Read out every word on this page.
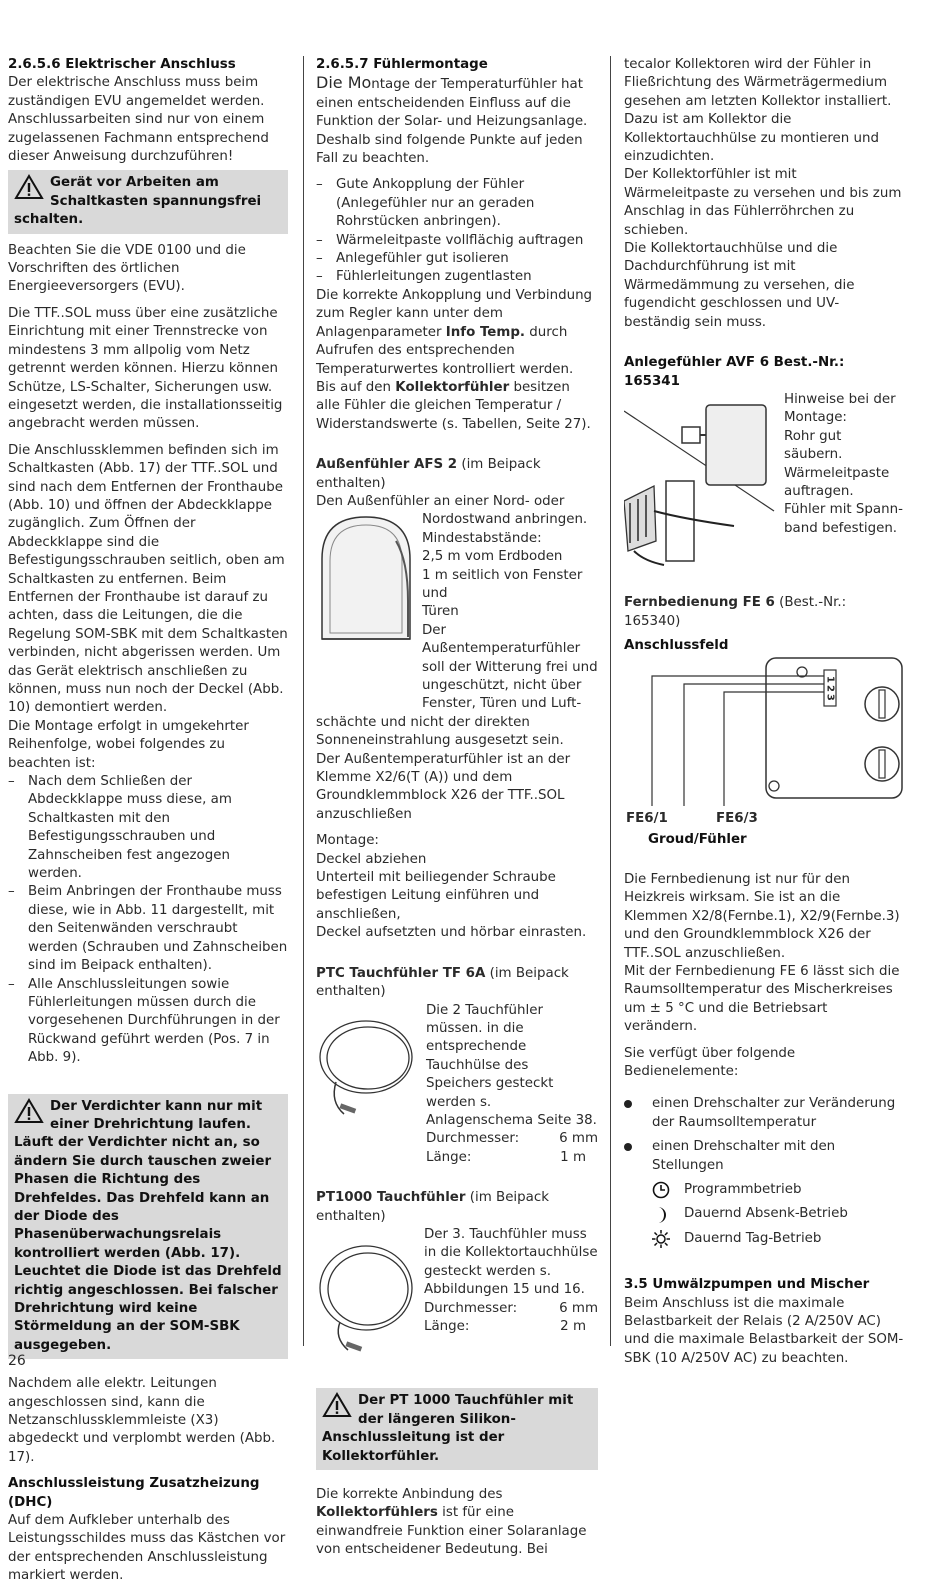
2.6.5.6 Elektrischer Anschluss

Der elektrische Anschluss muss beim zuständigen EVU angemeldet werden. Anschlussarbeiten sind nur von einem zugelassenen Fachmann entsprechend dieser Anweisung durchzuführen!

Gerät vor Arbeiten am Schaltkasten spannungsfrei schalten.

Beachten Sie die VDE 0100 und die Vorschriften des örtlichen Energieeversorgers (EVU).

Die TTF..SOL muss über eine zusätzliche Einrichtung mit einer Trennstrecke von mindestens 3 mm allpolig vom Netz getrennt werden können. Hierzu können Schütze, LS-Schalter, Sicherungen usw. eingesetzt werden, die installationsseitig angebracht werden müssen.

Die Anschlussklemmen befinden sich im Schaltkasten (Abb. 17) der TTF..SOL und sind nach dem Entfernen der Fronthaube (Abb. 10) und öffnen der Abdeckklappe zugänglich. Zum Öffnen der Abdeckklappe sind die Befestigungsschrauben seitlich, oben am Schaltkasten zu entfernen. Beim Entfernen der Fronthaube ist darauf zu achten, dass die Leitungen, die die Regelung SOM-SBK mit dem Schaltkasten verbinden, nicht abgerissen werden. Um das Gerät elektrisch anschließen zu können, muss nun noch der Deckel (Abb. 10) demontiert werden.

Die Montage erfolgt in umgekehrter Reihenfolge, wobei folgendes zu beachten ist:

– Nach dem Schließen der Abdeckklappe muss diese, am Schaltkasten mit den Befestigungsschrauben und Zahnscheiben fest angezogen werden.

– Beim Anbringen der Fronthaube muss diese, wie in Abb. 11 dargestellt, mit den Seitenwänden verschraubt werden (Schrauben und Zahnscheiben sind im Beipack enthalten).

– Alle Anschlussleitungen sowie Fühlerleitungen müssen durch die vorgesehenen Durchführungen in der Rückwand geführt werden (Pos. 7 in Abb. 9).

Der Verdichter kann nur mit einer Drehrichtung laufen. Läuft der Verdichter nicht an, so ändern Sie durch tauschen zweier Phasen die Richtung des Drehfeldes. Das Drehfeld kann an der Diode des Phasenüberwachungsrelais kontrolliert werden (Abb. 17). Leuchtet die Diode ist das Drehfeld richtig angeschlossen. Bei falscher Drehrichtung wird keine Störmeldung an der SOM-SBK ausgegeben.

Nachdem alle elektr. Leitungen angeschlossen sind, kann die Netzanschlussklemmleiste (X3) abgedeckt und verplombt werden (Abb. 17).

Anschlussleistung Zusatzheizung (DHC)

Auf dem Aufkleber unterhalb des Leistungsschildes muss das Kästchen vor der entsprechenden Anschlussleistung markiert werden.

2.6.5.7 Fühlermontage

Die Montage der Temperaturfühler hat einen entscheidenden Einfluss auf die Funktion der Solar- und Heizungsanlage. Deshalb sind folgende Punkte auf jeden Fall zu beachten.

– Gute Ankopplung der Fühler (Anlegefühler nur an geraden Rohrstücken anbringen).

– Wärmeleitpaste vollflächig auftragen

– Anlegefühler gut isolieren

– Fühlerleitungen zugentlasten

Die korrekte Ankopplung und Verbindung zum Regler kann unter dem Anlagenparameter Info Temp. durch Aufrufen des entsprechenden Temperaturwertes kontrolliert werden.

Bis auf den Kollektorfühler besitzen alle Fühler die gleichen Temperatur / Widerstandswerte (s. Tabellen, Seite 27).

Außenfühler AFS 2 (im Beipack enthalten)

Den Außenfühler an einer Nord- oder

Nordostwand anbringen.

Mindestabstände:

2,5 m vom Erdboden

1 m seitlich von Fenster und

Türen

Der Außentemperaturfühler

soll der Witterung frei und

ungeschützt, nicht über

Fenster, Türen und Luft-

schächte und nicht der direkten Sonneneinstrahlung ausgesetzt sein.

Der Außentemperaturfühler ist an der Klemme X2/6(T (A)) und dem Groundklemmblock X26 der TTF..SOL anzuschließen

Montage:

Deckel abziehen

Unterteil mit beiliegender Schraube befestigen Leitung einführen und anschließen,

Deckel aufsetzten und hörbar einrasten.

PTC Tauchfühler TF 6A (im Beipack enthalten)

Die 2 Tauchfühler müssen. in die entsprechende Tauchhülse des Speichers gesteckt werden s. Anlagenschema Seite 38.

Durchmesser:	6 mm
Länge:	1 m

PT1000 Tauchfühler (im Beipack enthalten)

Der 3. Tauchfühler muss in die Kollektortauchhülse gesteckt werden s. Abbildungen 15 und 16.

Durchmesser:	6 mm
Länge:	2 m
Der PT 1000 Tauchfühler mit der längeren Silikon-Anschlussleitung ist der Kollektorfühler.

Die korrekte Anbindung des Kollektorfühlers ist für eine einwandfreie Funktion einer Solaranlage von entscheidener Bedeutung. Bei

tecalor Kollektoren wird der Fühler in Fließrichtung des Wärmeträgermedium gesehen am letzten Kollektor installiert. Dazu ist am Kollektor die Kollektortauchhülse zu montieren und einzudichten.

Der Kollektorfühler ist mit Wärmeleitpaste zu versehen und bis zum Anschlag in das Fühlerröhrchen zu schieben.

Die Kollektortauchhülse und die Dachdurchführung ist mit Wärmedämmung zu versehen, die fugendicht geschlossen und UV-beständig sein muss.

Anlegefühler AVF 6 Best.-Nr.: 165341

Hinweise bei der

Montage:

Rohr gut säubern.

Wärmeleitpaste

auftragen.

Fühler mit Spann-

band befestigen.

Fernbedienung FE 6 (Best.-Nr.: 165340)

Anschlussfeld

123
FE6/1	FE6/3

Groud/Fühler

Die Fernbedienung ist nur für den Heizkreis wirksam. Sie ist an die Klemmen X2/8(Fernbe.1), X2/9(Fernbe.3) und den Groundklemmblock X26 der TTF..SOL anzuschließen.

Mit der Fernbedienung FE 6 lässt sich die Raumsolltemperatur des Mischerkreises um ± 5 °C und die Betriebsart verändern.

Sie verfügt über folgende Bedienelemente:

einen Drehschalter zur Veränderung der Raumsolltemperatur
einen Drehschalter mit den Stellungen
Programmbetrieb
Dauernd Absenk-Betrieb
Dauernd Tag-Betrieb

3.5 Umwälzpumpen und Mischer

Beim Anschluss ist die maximale Belastbarkeit der Relais (2 A/250V AC) und die maximale Belastbarkeit der SOM-SBK (10 A/250V AC) zu beachten.

26
